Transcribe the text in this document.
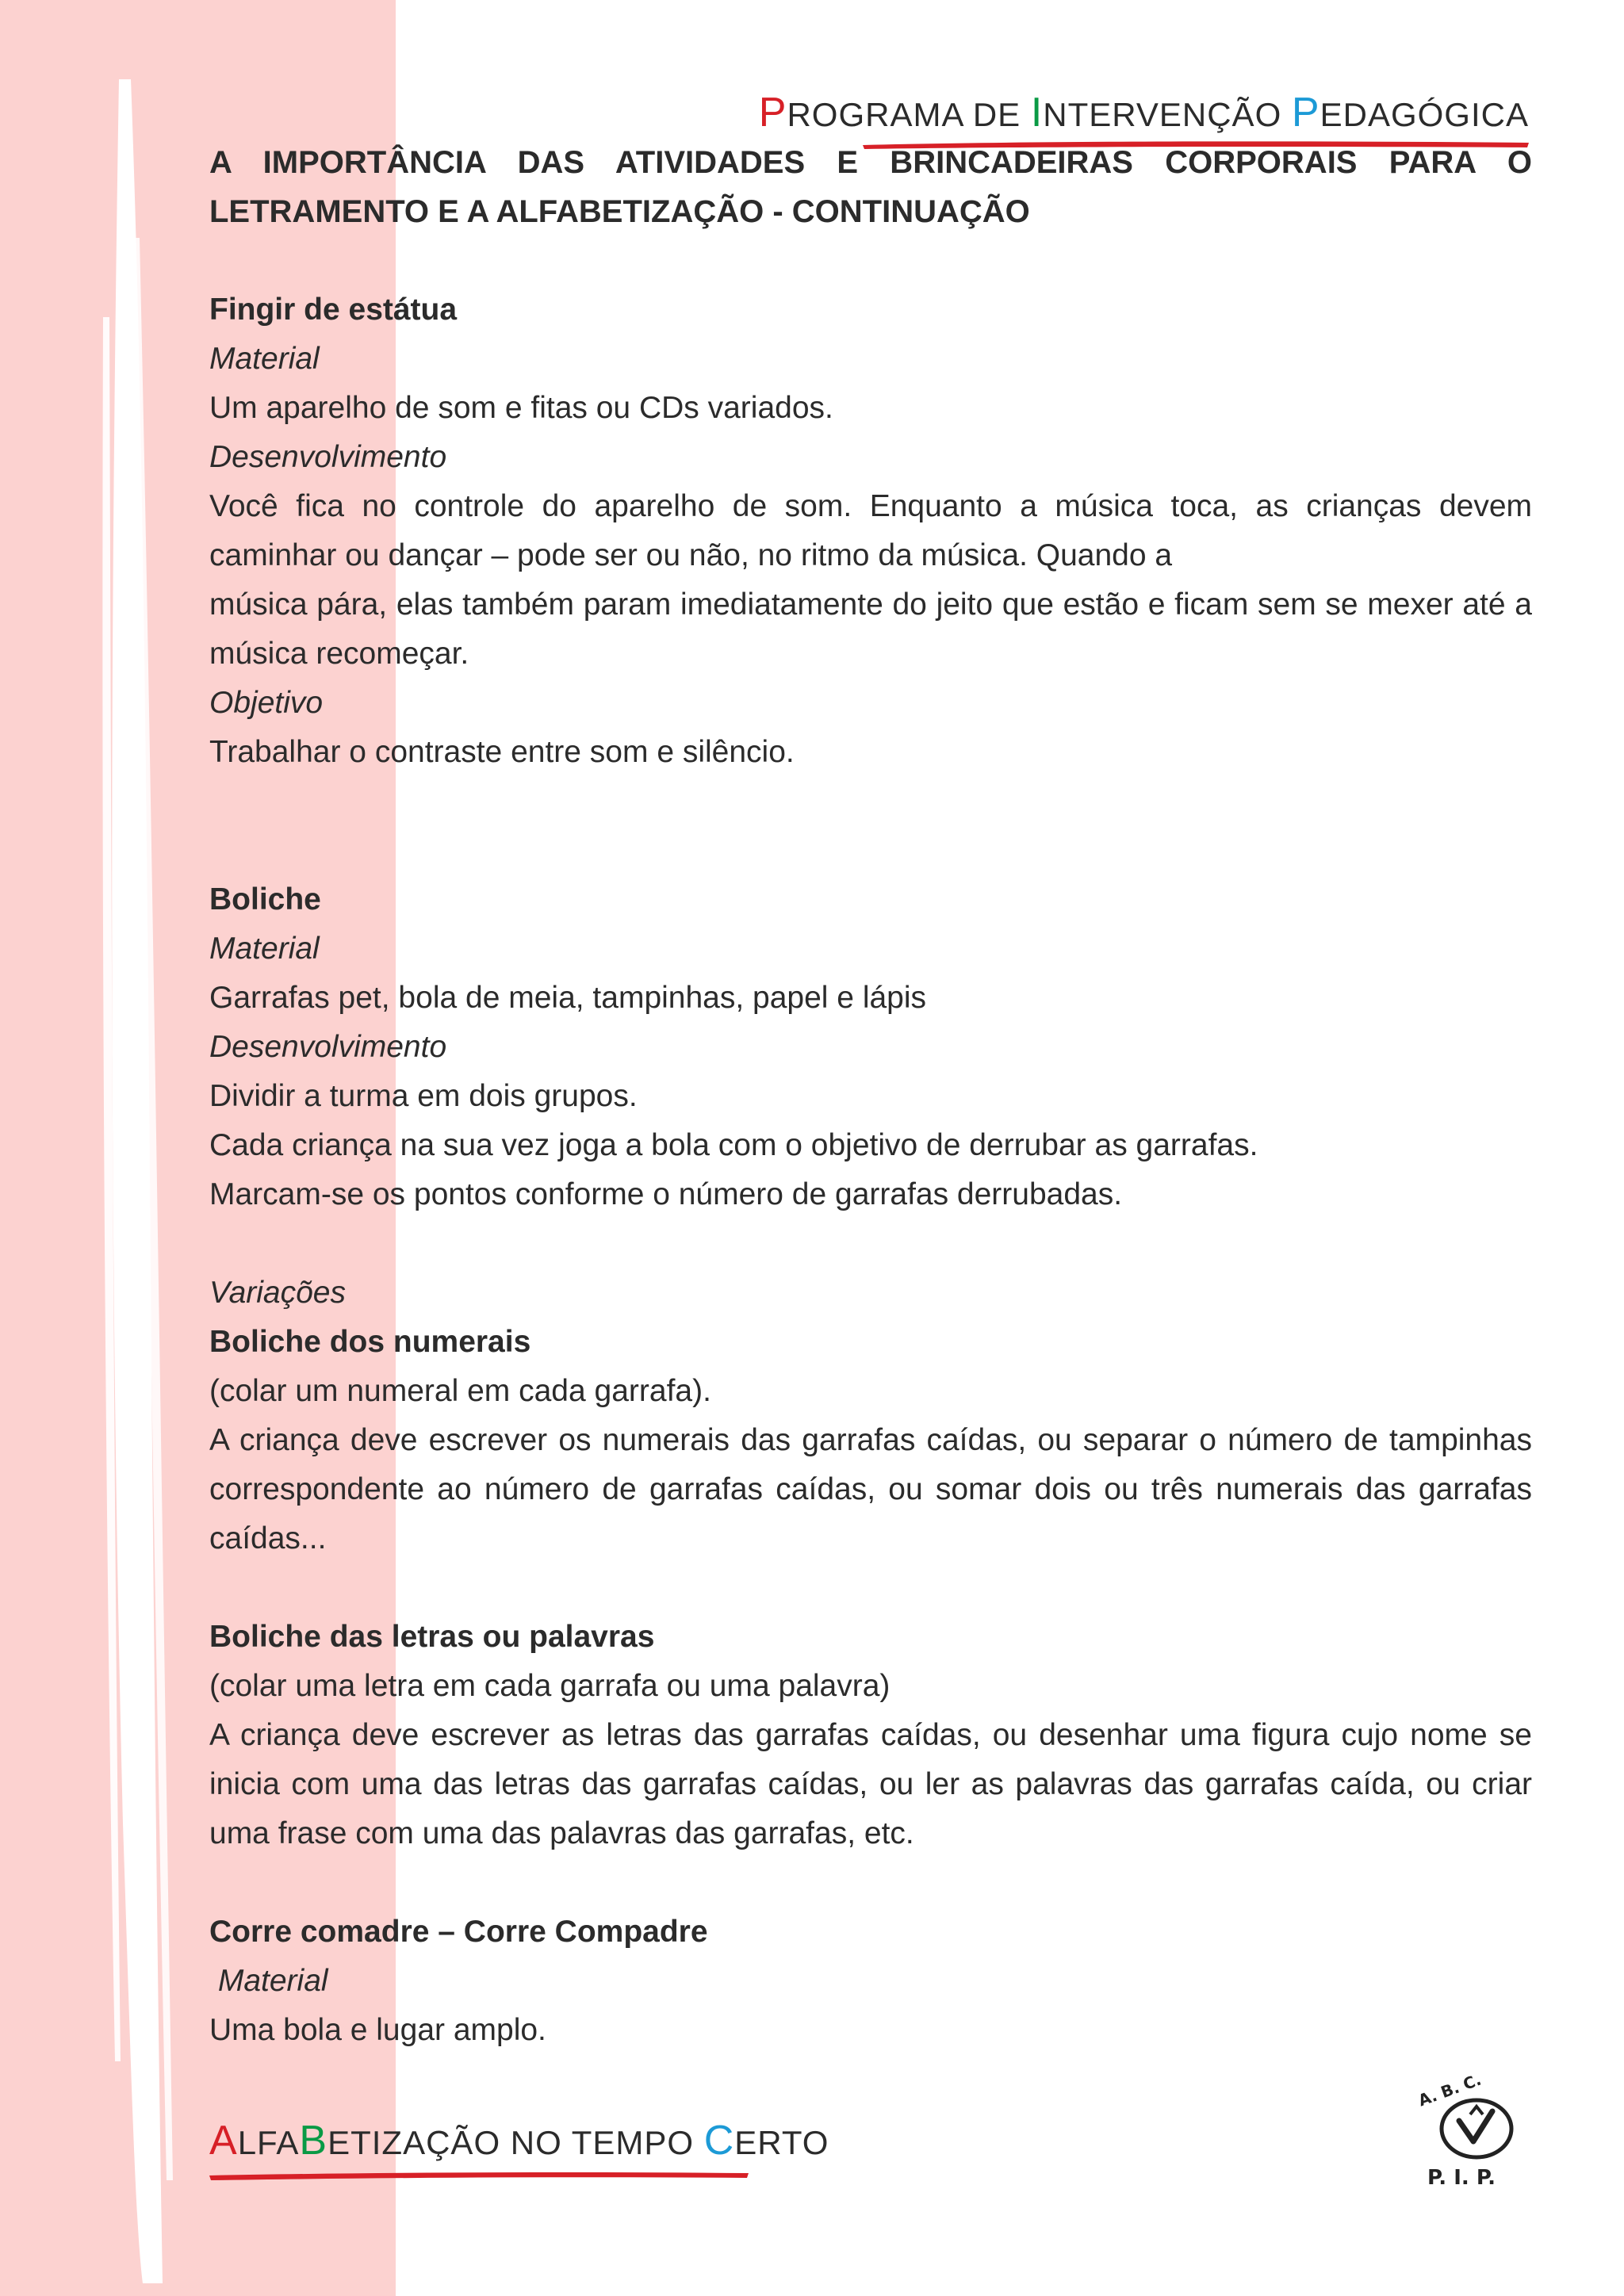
PROGRAMA DE INTERVENÇÃO PEDAGÓGICA

A IMPORTÂNCIA DAS ATIVIDADES E BRINCADEIRAS CORPORAIS PARA O

LETRAMENTO E A ALFABETIZAÇÃO - CONTINUAÇÃO

Fingir de estátua

Material

Um aparelho de som e fitas ou CDs variados.

Desenvolvimento

Você fica no controle do aparelho de som. Enquanto a música toca, as crianças devem caminhar ou dançar – pode ser ou não, no ritmo da música. Quando a

música pára, elas também param imediatamente do jeito que estão e ficam sem se mexer até a música recomeçar.

Objetivo

Trabalhar o contraste entre som e silêncio.

Boliche

Material

Garrafas pet, bola de meia, tampinhas, papel e lápis

Desenvolvimento

Dividir a turma em dois grupos.

Cada criança na sua vez joga a bola com o objetivo de derrubar as garrafas.

Marcam-se os pontos conforme o número de garrafas derrubadas.

Variações

Boliche dos numerais

(colar um numeral em cada garrafa).

A criança deve escrever os numerais das garrafas caídas, ou separar o número de tampinhas correspondente ao número de garrafas caídas, ou somar dois ou três numerais das garrafas caídas...

Boliche das letras ou palavras

(colar uma letra em cada garrafa ou uma palavra)

A criança deve escrever as letras das garrafas caídas, ou desenhar uma figura cujo nome se inicia com uma das letras das garrafas caídas, ou ler as palavras das garrafas caída, ou criar uma frase com uma das palavras das garrafas, etc.

Corre comadre – Corre Compadre

Material

Uma bola e lugar amplo.

ALFABETIZAÇÃO NO TEMPO CERTO
A. B. C.
P. I. P.
